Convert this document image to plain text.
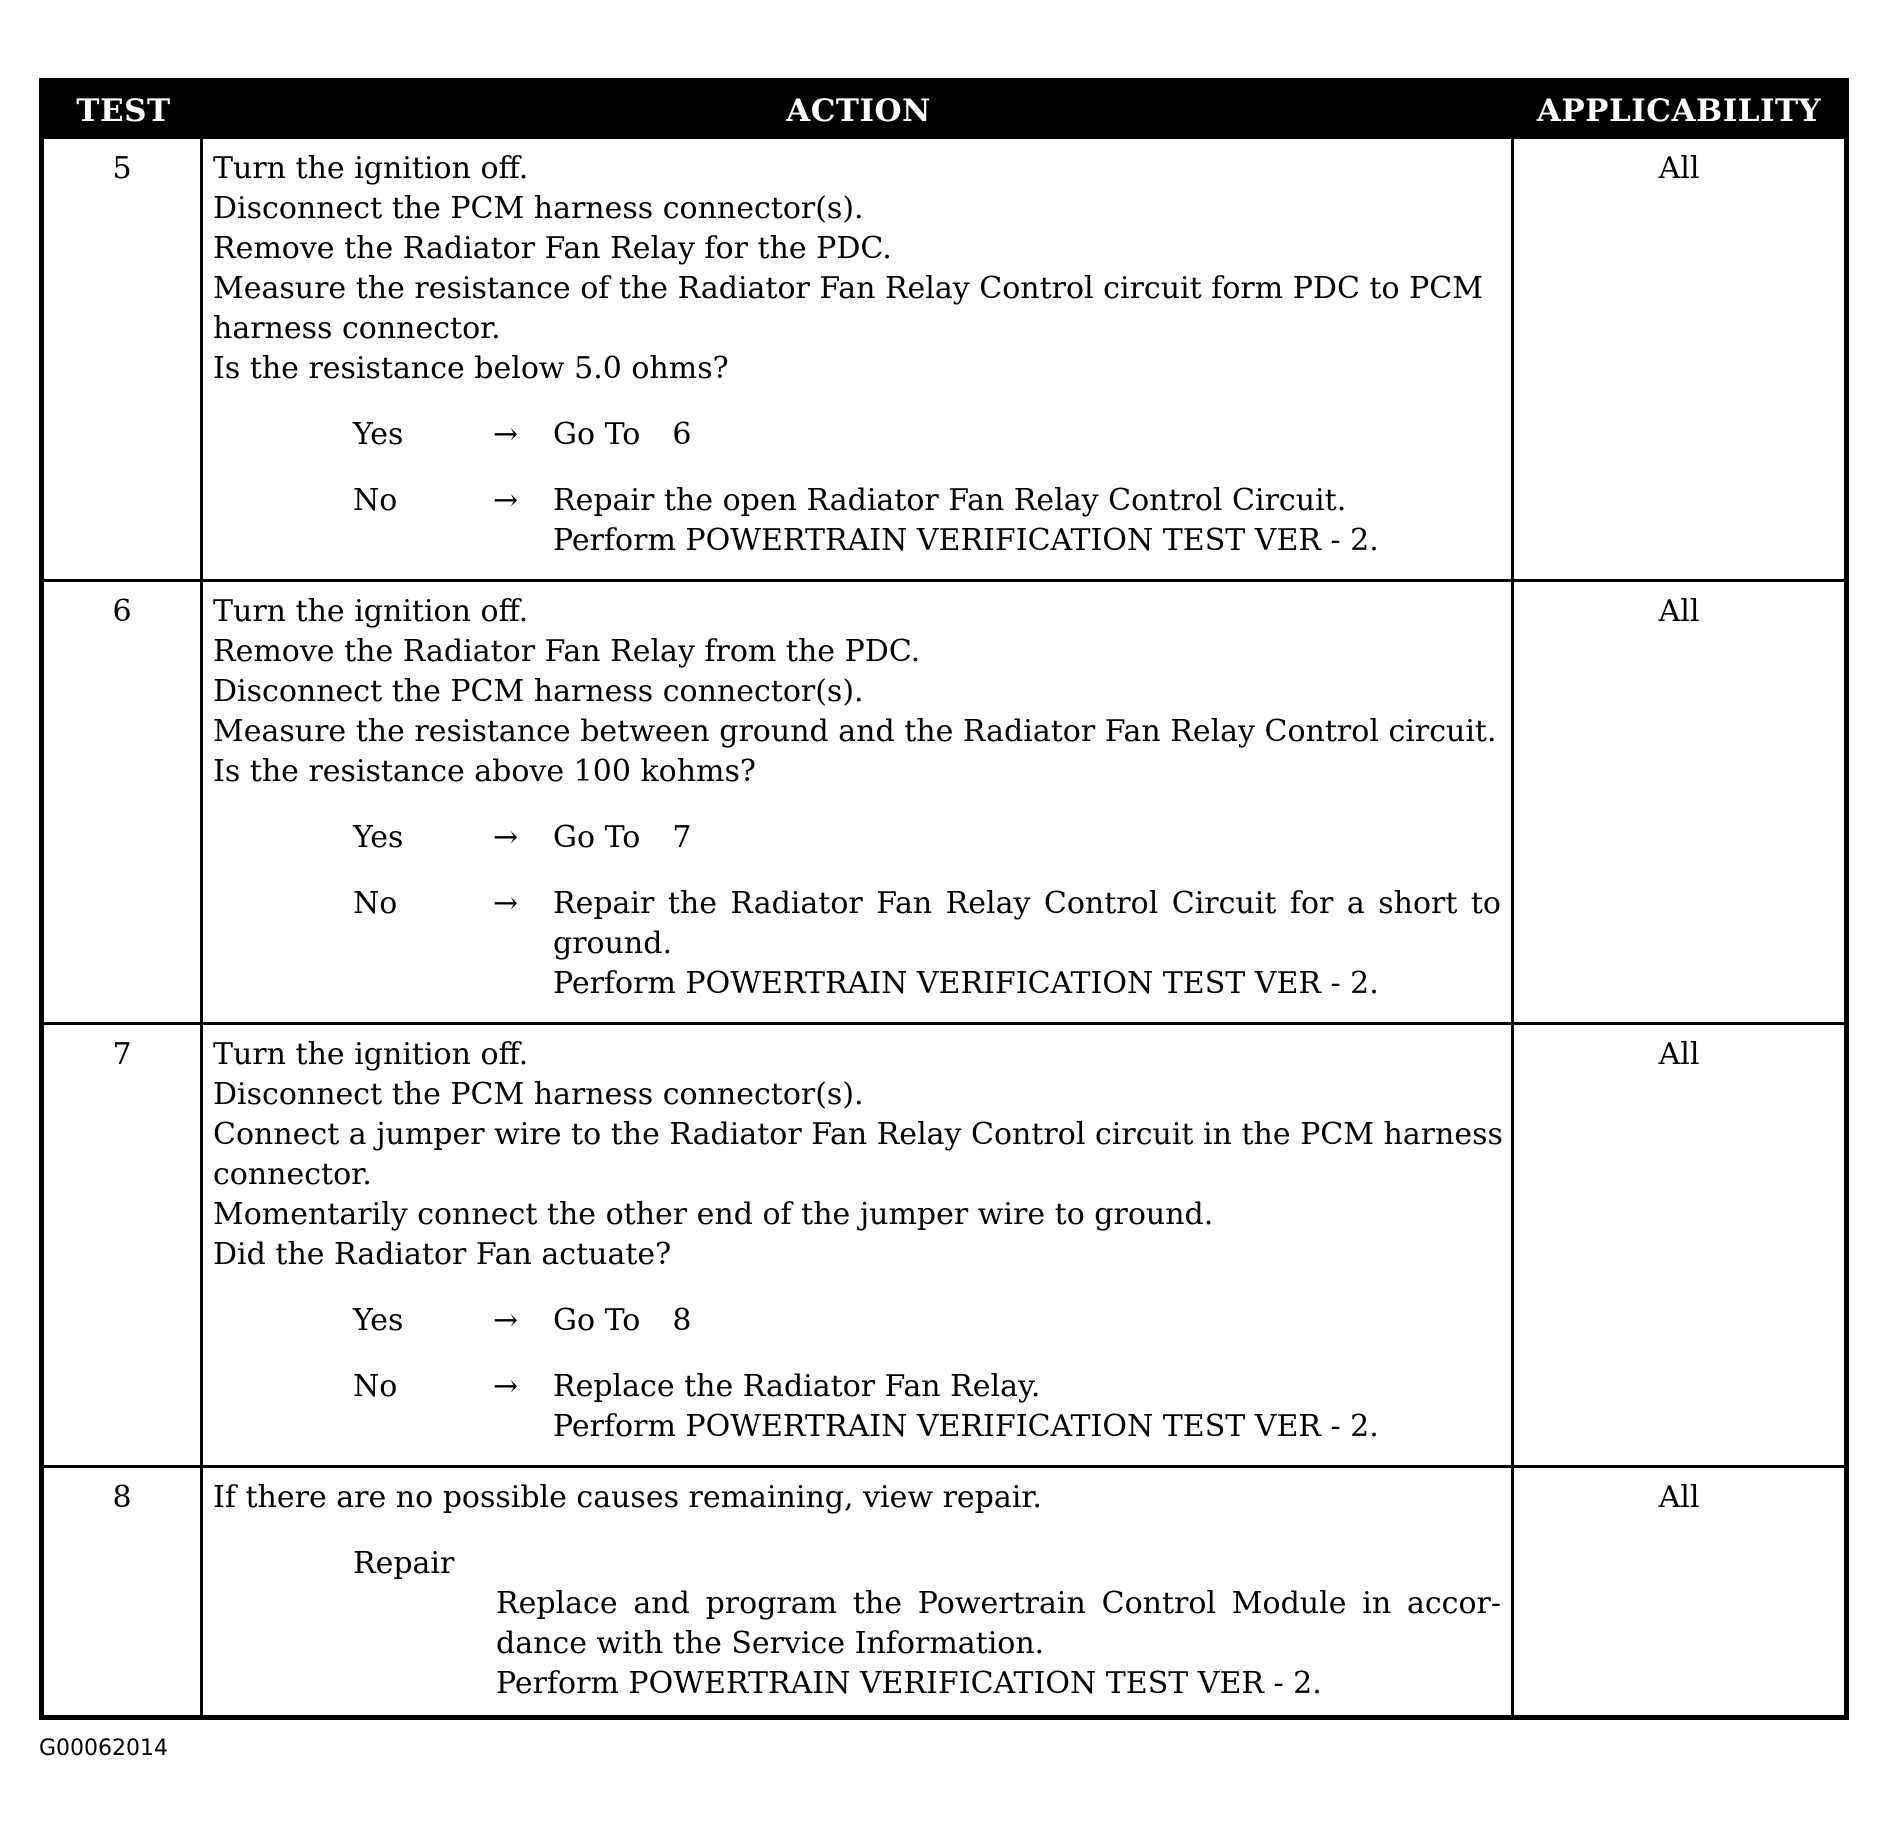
TEST	ACTION	APPLICABILITY
5	Turn the ignition off.
Disconnect the PCM harness connector(s).
Remove the Radiator Fan Relay for the PDC.
Measure the resistance of the Radiator Fan Relay Control circuit form PDC to PCM
harness connector.
Is the resistance below 5.0 ohms?
Yes	→	Go To 6
No	→	Repair the open Radiator Fan Relay Control Circuit.
Perform POWERTRAIN VERIFICATION TEST VER - 2.
All
6	Turn the ignition off.
Remove the Radiator Fan Relay from the PDC.
Disconnect the PCM harness connector(s).
Measure the resistance between ground and the Radiator Fan Relay Control circuit.
Is the resistance above 100 kohms?
Yes	→	Go To 7
No	→	Repair the Radiator Fan Relay Control Circuit for a short to
ground.
Perform POWERTRAIN VERIFICATION TEST VER - 2.
All
7	Turn the ignition off.
Disconnect the PCM harness connector(s).
Connect a jumper wire to the Radiator Fan Relay Control circuit in the PCM harness
connector.
Momentarily connect the other end of the jumper wire to ground.
Did the Radiator Fan actuate?
Yes	→	Go To 8
No	→	Replace the Radiator Fan Relay.
Perform POWERTRAIN VERIFICATION TEST VER - 2.
All
8	If there are no possible causes remaining, view repair.
Repair
Replace and program the Powertrain Control Module in accor-
dance with the Service Information.
Perform POWERTRAIN VERIFICATION TEST VER - 2.
All
G00062014
